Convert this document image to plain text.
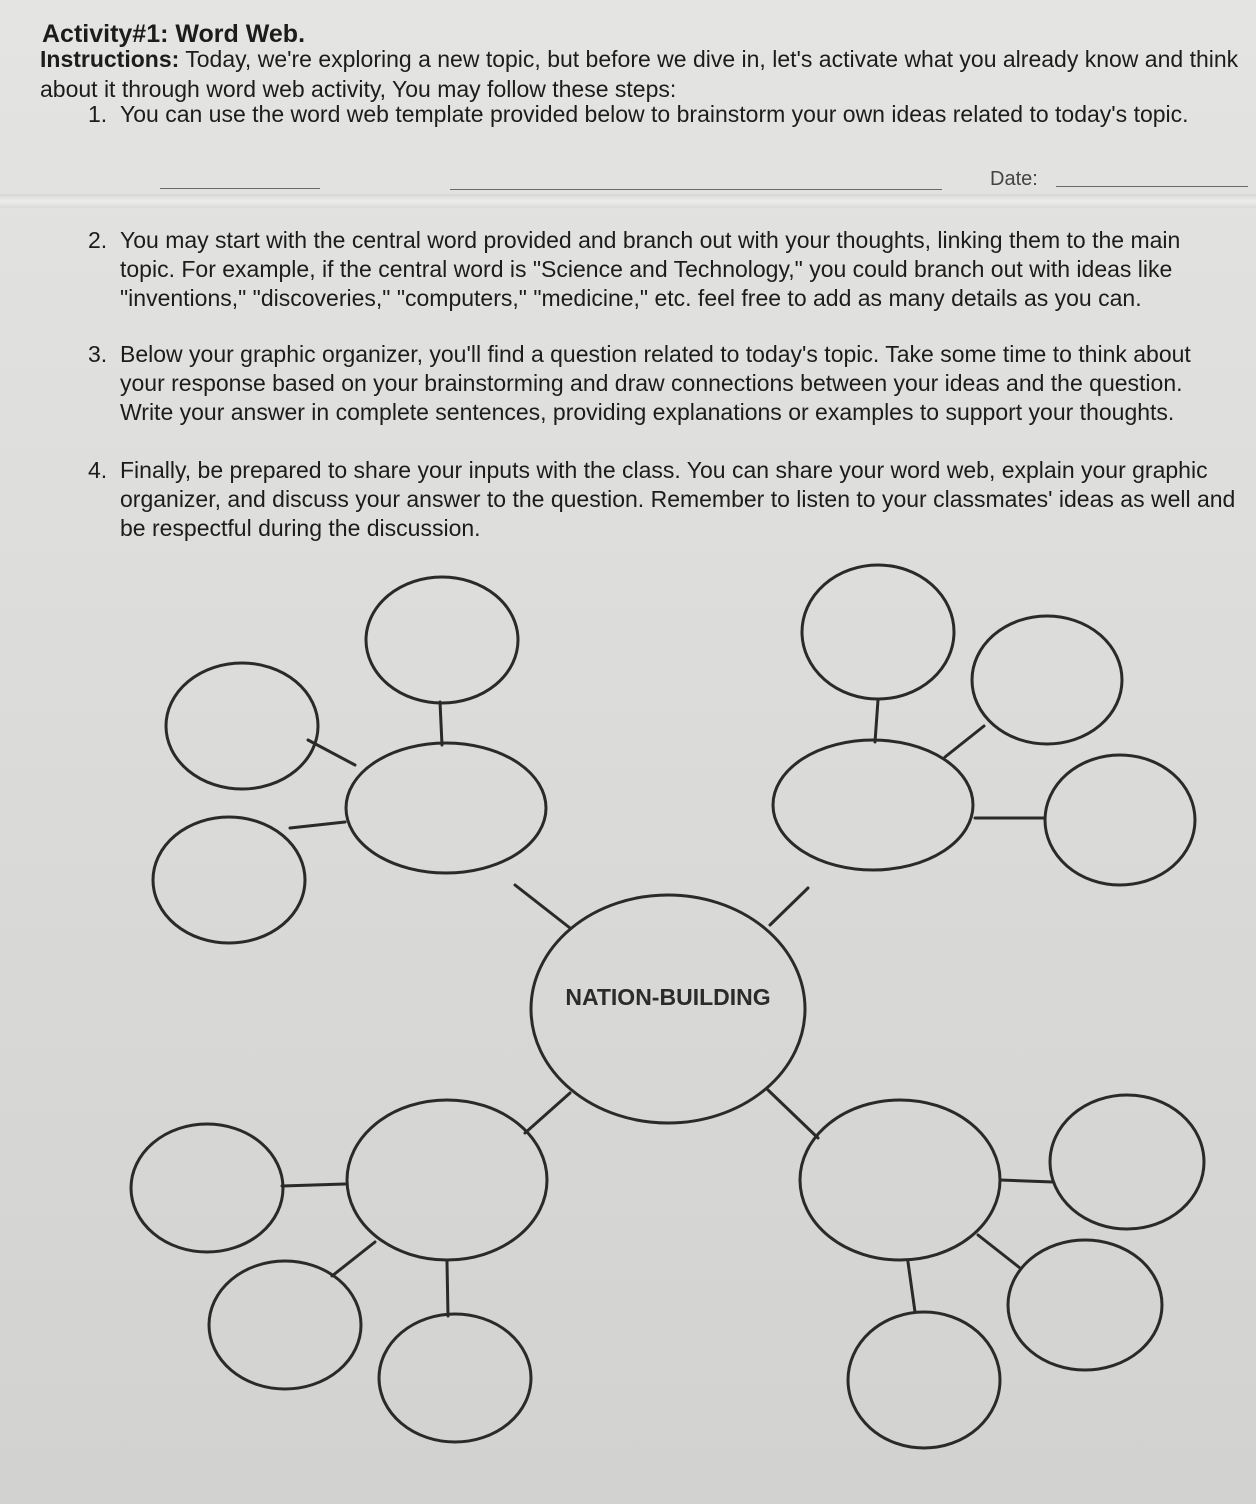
Activity#1: Word Web.

Instructions: Today, we're exploring a new topic, but before we dive in, let's activate what you already know and think about it through word web activity, You may follow these steps:

1. You can use the word web template provided below to brainstorm your own ideas related to today's topic.
Date:
2. You may start with the central word provided and branch out with your thoughts, linking them to the main topic. For example, if the central word is "Science and Technology," you could branch out with ideas like "inventions," "discoveries," "computers," "medicine," etc. feel free to add as many details as you can.
3. Below your graphic organizer, you'll find a question related to today's topic. Take some time to think about your response based on your brainstorming and draw connections between your ideas and the question. Write your answer in complete sentences, providing explanations or examples to support your thoughts.
4. Finally, be prepared to share your inputs with the class. You can share your word web, explain your graphic organizer, and discuss your answer to the question. Remember to listen to your classmates' ideas as well and be respectful during the discussion.
NATION-BUILDING
